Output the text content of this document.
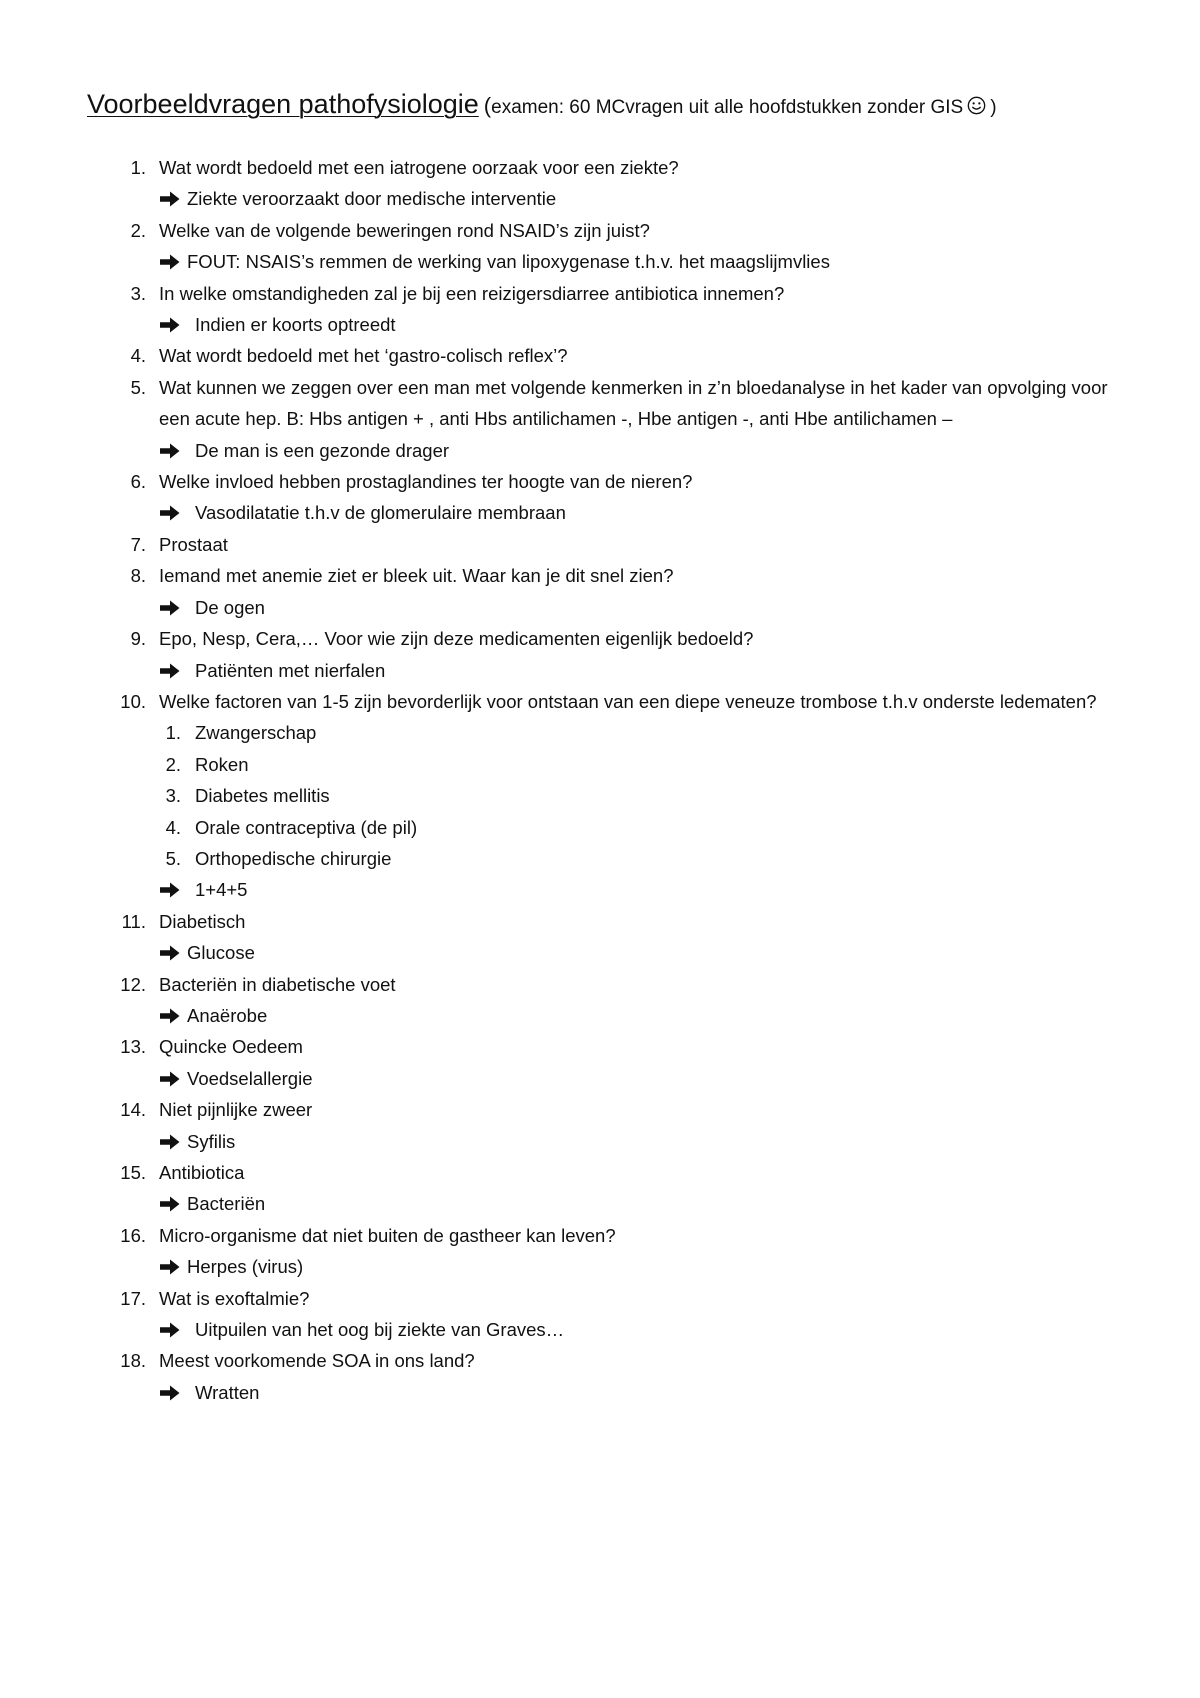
Voorbeeldvragen pathofysiologie (examen: 60 MCvragen uit alle hoofdstukken zonder GIS )
1. Wat wordt bedoeld met een iatrogene oorzaak voor een ziekte?
Ziekte veroorzaakt door medische interventie
2. Welke van de volgende beweringen rond NSAID’s zijn juist?
FOUT: NSAIS’s remmen de werking van lipoxygenase t.h.v. het maagslijmvlies
3. In welke omstandigheden zal je bij een reizigersdiarree antibiotica innemen?
Indien er koorts optreedt
4. Wat wordt bedoeld met het ‘gastro-colisch reflex’?
5. Wat kunnen we zeggen over een man met volgende kenmerken in z’n bloedanalyse in het kader van opvolging voor een acute hep. B: Hbs antigen + , anti Hbs antilichamen -, Hbe antigen -, anti Hbe antilichamen –
De man is een gezonde drager
6. Welke invloed hebben prostaglandines ter hoogte van de nieren?
Vasodilatatie t.h.v de glomerulaire membraan
7. Prostaat
8. Iemand met anemie ziet er bleek uit. Waar kan je dit snel zien?
De ogen
9. Epo, Nesp, Cera,… Voor wie zijn deze medicamenten eigenlijk bedoeld?
Patiënten met nierfalen
10. Welke factoren van 1-5 zijn bevorderlijk voor ontstaan van een diepe veneuze trombose t.h.v onderste ledematen?
1. Zwangerschap
2. Roken
3. Diabetes mellitis
4. Orale contraceptiva (de pil)
5. Orthopedische chirurgie
1+4+5
11. Diabetisch
Glucose
12. Bacteriën in diabetische voet
Anaërobe
13. Quincke Oedeem
Voedselallergie
14. Niet pijnlijke zweer
Syfilis
15. Antibiotica
Bacteriën
16. Micro-organisme dat niet buiten de gastheer kan leven?
Herpes (virus)
17. Wat is exoftalmie?
Uitpuilen van het oog bij ziekte van Graves…
18. Meest voorkomende SOA in ons land?
Wratten
